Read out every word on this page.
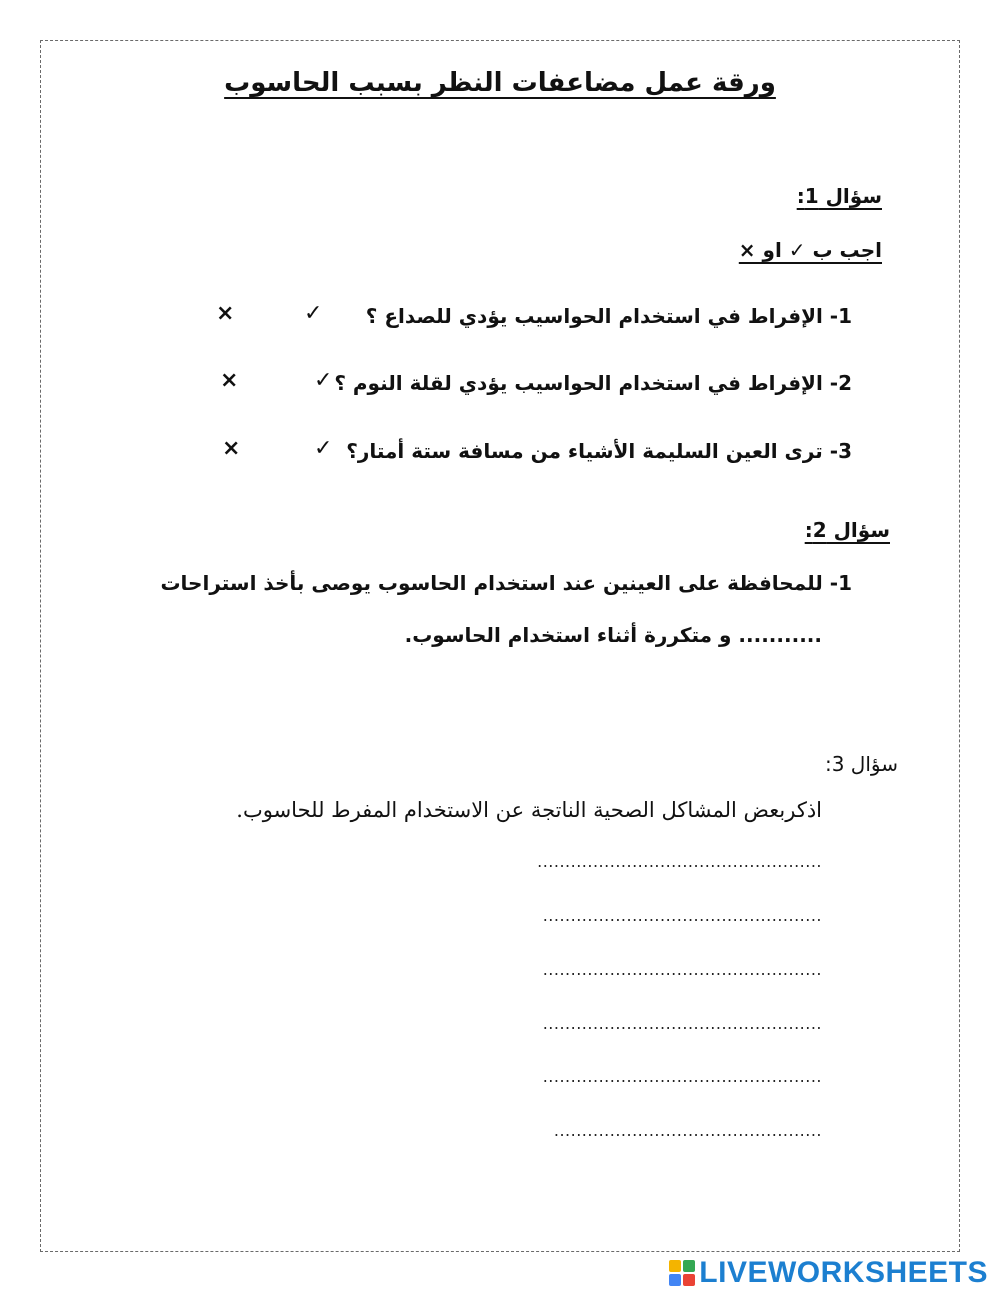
ورقة عمل مضاعفات النظر بسبب الحاسوب
سؤال 1:
اجب ب ✓ او ×
1- الإفراط في استخدام الحواسيب يؤدي للصداع ؟
✓
×
2- الإفراط في استخدام الحواسيب يؤدي لقلة النوم ؟
✓
×
3- ترى العين السليمة الأشياء من مسافة ستة أمتار؟
✓
×
سؤال 2:
1- للمحافظة على العينين عند استخدام الحاسوب يوصى بأخذ استراحات
........... و متكررة أثناء استخدام الحاسوب.
سؤال 3:
اذكربعض المشاكل الصحية الناتجة عن الاستخدام المفرط للحاسوب.
...................................................
..................................................
..................................................
..................................................
..................................................
................................................
LIVEWORKSHEETS
